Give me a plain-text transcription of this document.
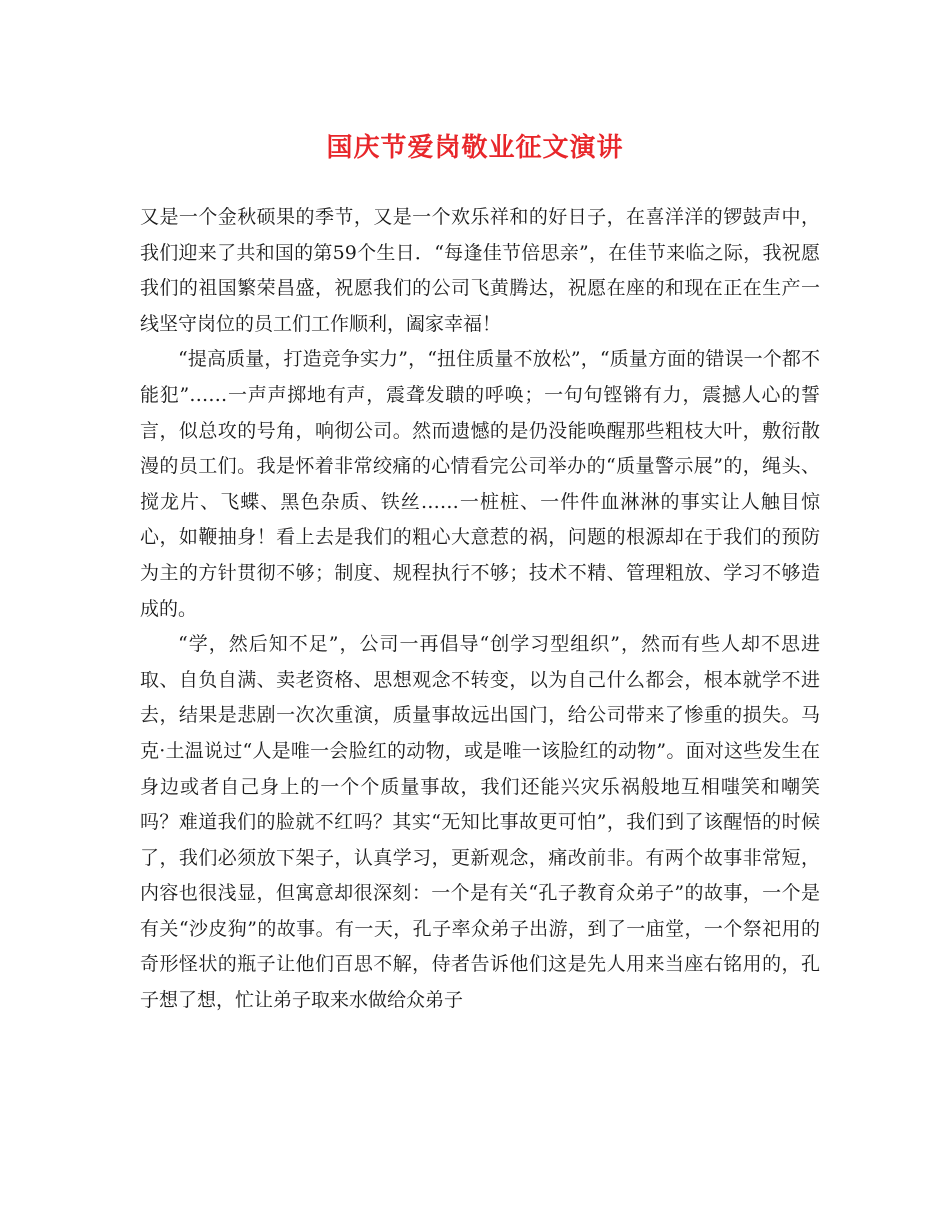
国庆节爱岗敬业征文演讲

又是一个金秋硕果的季节，又是一个欢乐祥和的好日子，在喜洋洋的锣鼓声中，我们迎来了共和国的第59个生日．“每逢佳节倍思亲”，在佳节来临之际，我祝愿我们的祖国繁荣昌盛，祝愿我们的公司飞黄腾达，祝愿在座的和现在正在生产一线坚守岗位的员工们工作顺利，阖家幸福！

“提高质量，打造竞争实力”，“扭住质量不放松”，“质量方面的错误一个都不能犯”……一声声掷地有声，震聋发聩的呼唤；一句句铿锵有力，震撼人心的誓言，似总攻的号角，响彻公司。然而遗憾的是仍没能唤醒那些粗枝大叶，敷衍散漫的员工们。我是怀着非常绞痛的心情看完公司举办的“质量警示展”的，绳头、搅龙片、飞蝶、黑色杂质、铁丝……一桩桩、一件件血淋淋的事实让人触目惊心，如鞭抽身！看上去是我们的粗心大意惹的祸，问题的根源却在于我们的预防为主的方针贯彻不够；制度、规程执行不够；技术不精、管理粗放、学习不够造成的。

“学，然后知不足”，公司一再倡导“创学习型组织”，然而有些人却不思进取、自负自满、卖老资格、思想观念不转变，以为自己什么都会，根本就学不进去，结果是悲剧一次次重演，质量事故远出国门，给公司带来了惨重的损失。马克·土温说过“人是唯一会脸红的动物，或是唯一该脸红的动物”。面对这些发生在身边或者自己身上的一个个质量事故，我们还能兴灾乐祸般地互相嗤笑和嘲笑吗？难道我们的脸就不红吗？其实“无知比事故更可怕”，我们到了该醒悟的时候了，我们必须放下架子，认真学习，更新观念，痛改前非。有两个故事非常短，内容也很浅显，但寓意却很深刻：一个是有关“孔子教育众弟子”的故事，一个是有关“沙皮狗”的故事。有一天，孔子率众弟子出游，到了一庙堂，一个祭祀用的奇形怪状的瓶子让他们百思不解，侍者告诉他们这是先人用来当座右铭用的，孔子想了想，忙让弟子取来水做给众弟子
